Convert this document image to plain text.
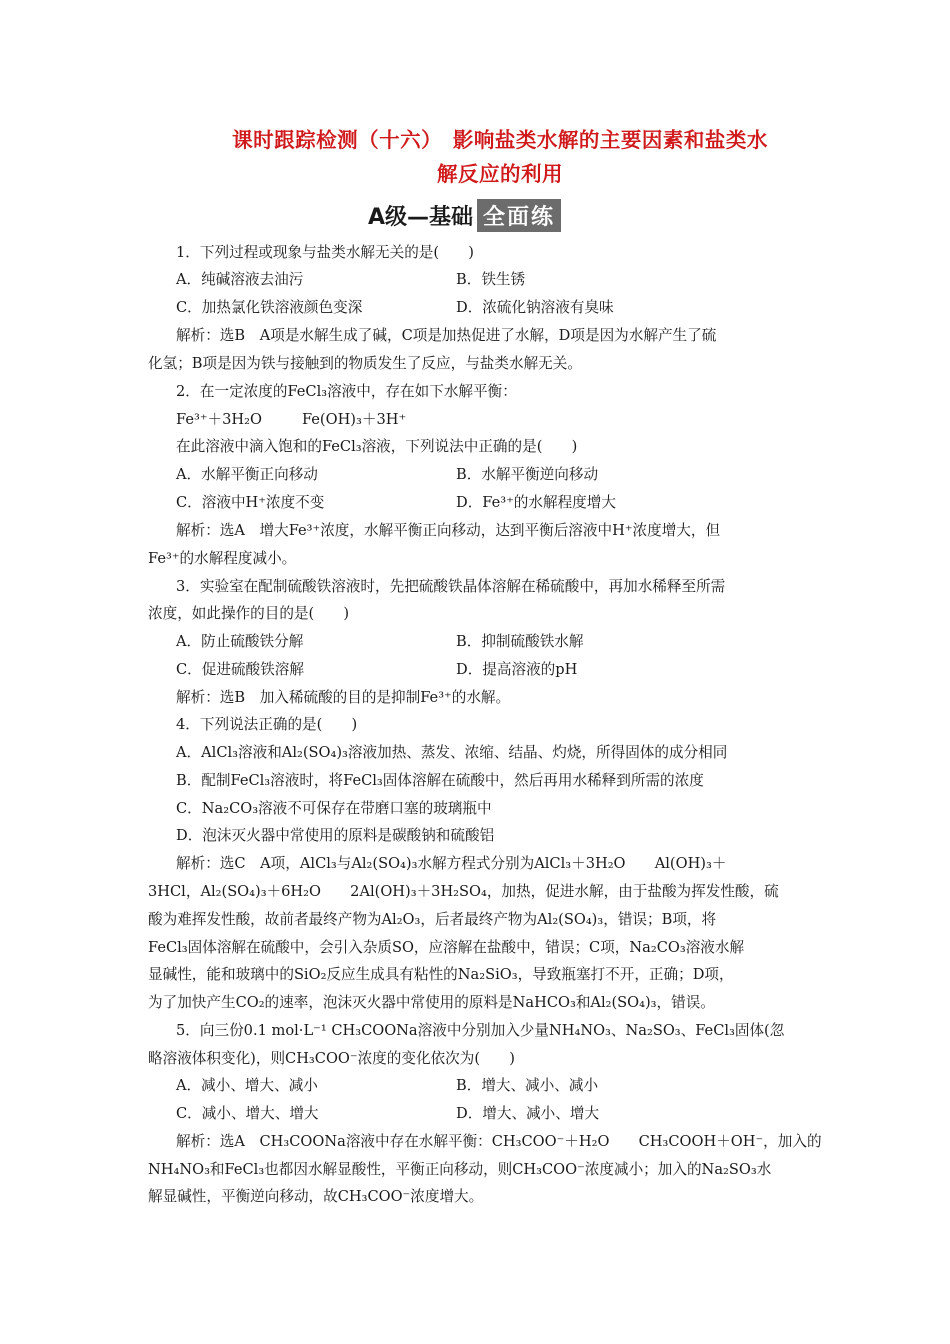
课时跟踪检测（十六）　影响盐类水解的主要因素和盐类水
解反应的利用
A级—基础 全面练
1．下列过程或现象与盐类水解无关的是(　　)
A．纯碱溶液去油污	B．铁生锈
C．加热氯化铁溶液颜色变深	D．浓硫化钠溶液有臭味
解析：选B　A项是水解生成了碱，C项是加热促进了水解，D项是因为水解产生了硫
化氢；B项是因为铁与接触到的物质发生了反应，与盐类水解无关。
2．在一定浓度的FeCl₃溶液中，存在如下水解平衡：
Fe³⁺＋3H₂O	Fe(OH)₃＋3H⁺
在此溶液中滴入饱和的FeCl₃溶液，下列说法中正确的是(　　)
A．水解平衡正向移动	B．水解平衡逆向移动
C．溶液中H⁺浓度不变	D．Fe³⁺的水解程度增大
解析：选A　增大Fe³⁺浓度，水解平衡正向移动，达到平衡后溶液中H⁺浓度增大，但
Fe³⁺的水解程度减小。
3．实验室在配制硫酸铁溶液时，先把硫酸铁晶体溶解在稀硫酸中，再加水稀释至所需
浓度，如此操作的目的是(　　)
A．防止硫酸铁分解	B．抑制硫酸铁水解
C．促进硫酸铁溶解	D．提高溶液的pH
解析：选B　加入稀硫酸的目的是抑制Fe³⁺的水解。
4．下列说法正确的是(　　)
A．AlCl₃溶液和Al₂(SO₄)₃溶液加热、蒸发、浓缩、结晶、灼烧，所得固体的成分相同
B．配制FeCl₃溶液时，将FeCl₃固体溶解在硫酸中，然后再用水稀释到所需的浓度
C．Na₂CO₃溶液不可保存在带磨口塞的玻璃瓶中
D．泡沫灭火器中常使用的原料是碳酸钠和硫酸铝
解析：选C　A项，AlCl₃与Al₂(SO₄)₃水解方程式分别为AlCl₃＋3H₂O　　Al(OH)₃＋
3HCl，Al₂(SO₄)₃＋6H₂O　　2Al(OH)₃＋3H₂SO₄，加热，促进水解，由于盐酸为挥发性酸，硫
酸为难挥发性酸，故前者最终产物为Al₂O₃，后者最终产物为Al₂(SO₄)₃，错误；B项，将
FeCl₃固体溶解在硫酸中，会引入杂质SO，应溶解在盐酸中，错误；C项，Na₂CO₃溶液水解
显碱性，能和玻璃中的SiO₂反应生成具有粘性的Na₂SiO₃，导致瓶塞打不开，正确；D项，
为了加快产生CO₂的速率，泡沫灭火器中常使用的原料是NaHCO₃和Al₂(SO₄)₃，错误。
5．向三份0.1 mol·L⁻¹ CH₃COONa溶液中分别加入少量NH₄NO₃、Na₂SO₃、FeCl₃固体(忽
略溶液体积变化)，则CH₃COO⁻浓度的变化依次为(　　)
A．减小、增大、减小	B．增大、减小、减小
C．减小、增大、增大	D．增大、减小、增大
解析：选A　CH₃COONa溶液中存在水解平衡：CH₃COO⁻＋H₂O　　CH₃COOH＋OH⁻，加入的
NH₄NO₃和FeCl₃也都因水解显酸性，平衡正向移动，则CH₃COO⁻浓度减小；加入的Na₂SO₃水
解显碱性，平衡逆向移动，故CH₃COO⁻浓度增大。
